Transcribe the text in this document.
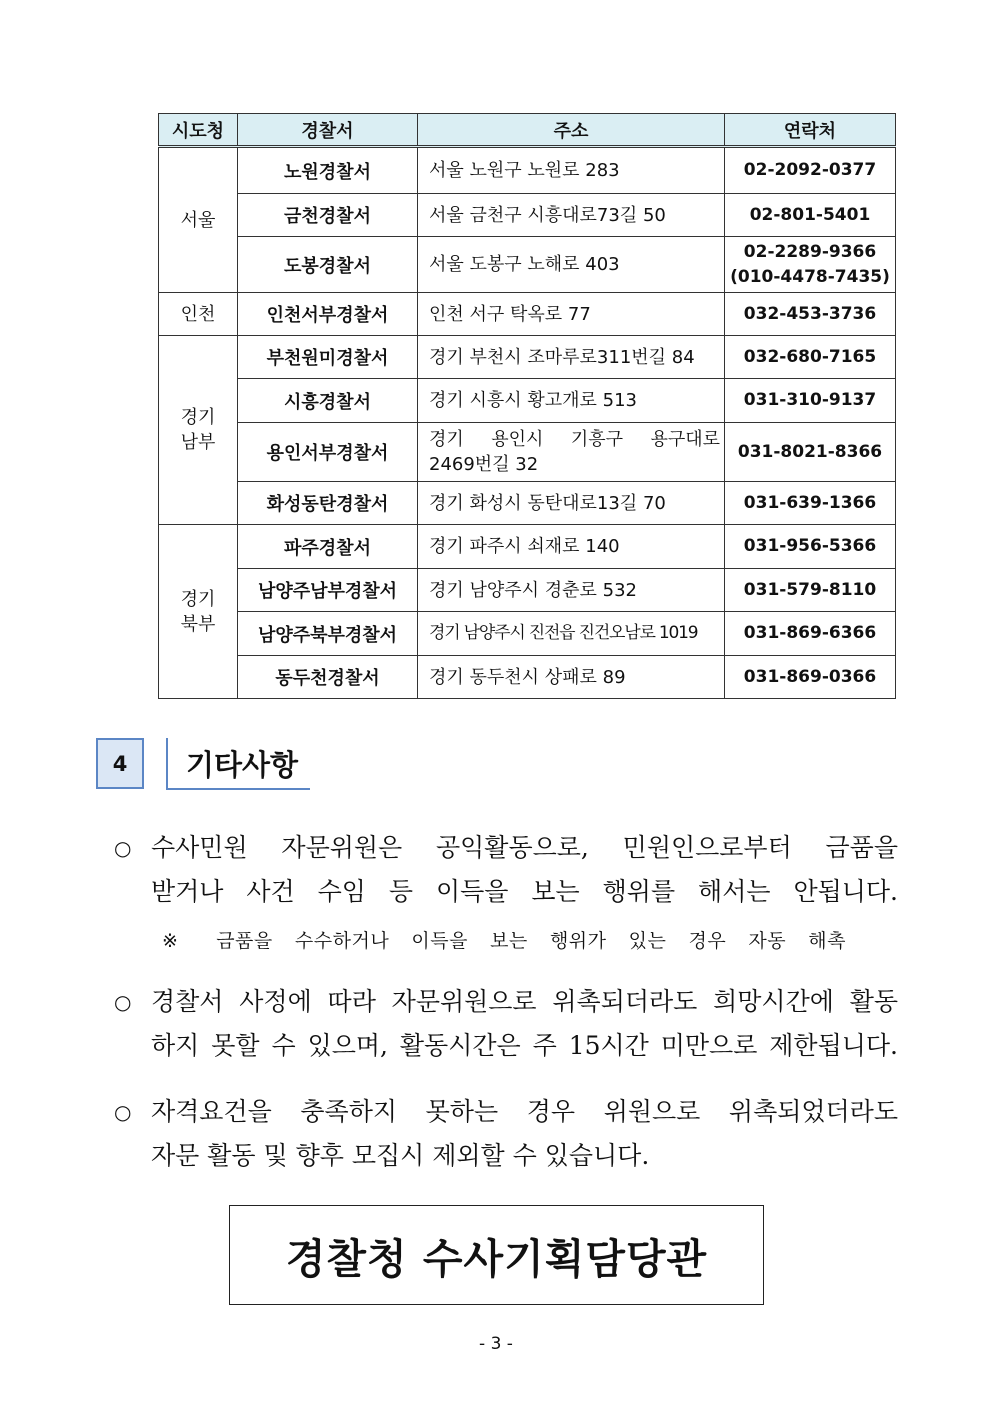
시도청	경찰서	주소	연락처
서울	노원경찰서	서울 노원구 노원로 283	02-2092-0377
	금천경찰서	서울 금천구 시흥대로73길 50	02-801-5401
	도봉경찰서	서울 도봉구 노해로 403	02-2289-9366
(010-4478-7435)
인천	인천서부경찰서	인천 서구 탁옥로 77	032-453-3736
경기
남부	부천원미경찰서	경기 부천시 조마루로311번길 84	032-680-7165
	시흥경찰서	경기 시흥시 황고개로 513	031-310-9137
	용인서부경찰서	경기 용인시 기흥구 용구대로
2469번길 32	031-8021-8366
	화성동탄경찰서	경기 화성시 동탄대로13길 70	031-639-1366
경기
북부	파주경찰서	경기 파주시 쇠재로 140	031-956-5366
	남양주남부경찰서	경기 남양주시 경춘로 532	031-579-8110
	남양주북부경찰서	경기 남양주시 진전읍 진건오남로 1019	031-869-6366
	동두천경찰서	경기 동두천시 상패로 89	031-869-0366
4	기타사항
○ 수사민원 자문위원은 공익활동으로, 민원인으로부터 금품을
받거나 사건 수임 등 이득을 보는 행위를 해서는 안됩니다.
※ 금품을 수수하거나 이득을 보는 행위가 있는 경우 자동 해촉
○ 경찰서 사정에 따라 자문위원으로 위촉되더라도 희망시간에 활동
하지 못할 수 있으며, 활동시간은 주 15시간 미만으로 제한됩니다.
○ 자격요건을 충족하지 못하는 경우 위원으로 위촉되었더라도
자문 활동 및 향후 모집시 제외할 수 있습니다.
경찰청 수사기획담당관
- 3 -
